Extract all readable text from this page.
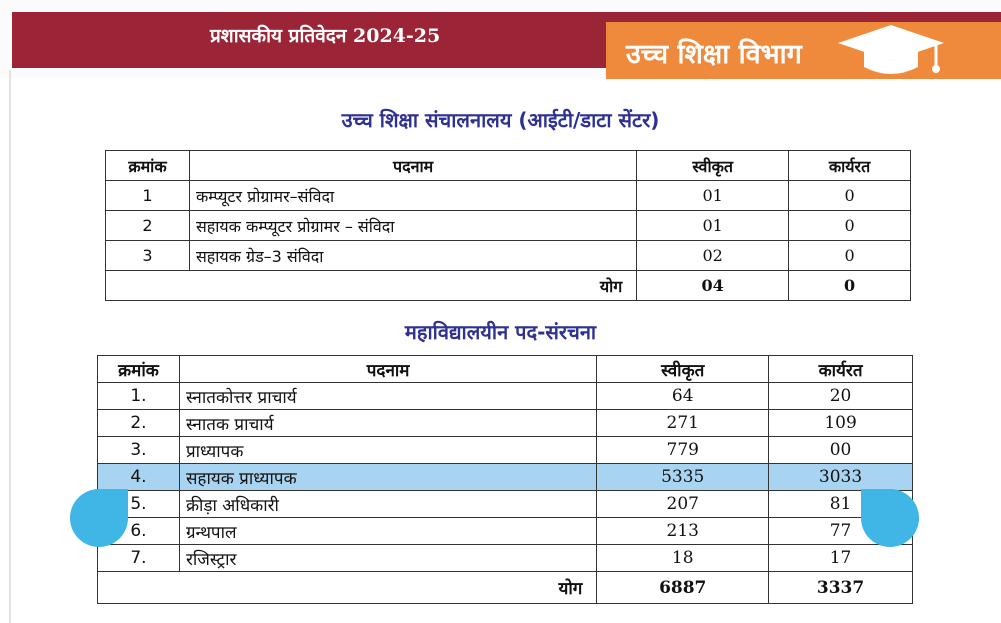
प्रशासकीय प्रतिवेदन 2024-25
उच्च शिक्षा विभाग
उच्च शिक्षा संचालनालय (आईटी/डाटा सेंटर)
क्रमांक	पदनाम	स्वीकृत	कार्यरत
1	कम्प्यूटर प्रोग्रामर–संविदा	01	0
2	सहायक कम्प्यूटर प्रोग्रामर – संविदा	01	0
3	सहायक ग्रेड–3 संविदा	02	0
योग		04	0
महाविद्यालयीन पद-संरचना
क्रमांक	पदनाम	स्वीकृत	कार्यरत
1.	स्नातकोत्तर प्राचार्य	64	20
2.	स्नातक प्राचार्य	271	109
3.	प्राध्यापक	779	00
4.	सहायक प्राध्यापक	5335	3033
5.	क्रीड़ा अधिकारी	207	81
6.	ग्रन्थपाल	213	77
7.	रजिस्ट्रार	18	17
योग		6887	3337
